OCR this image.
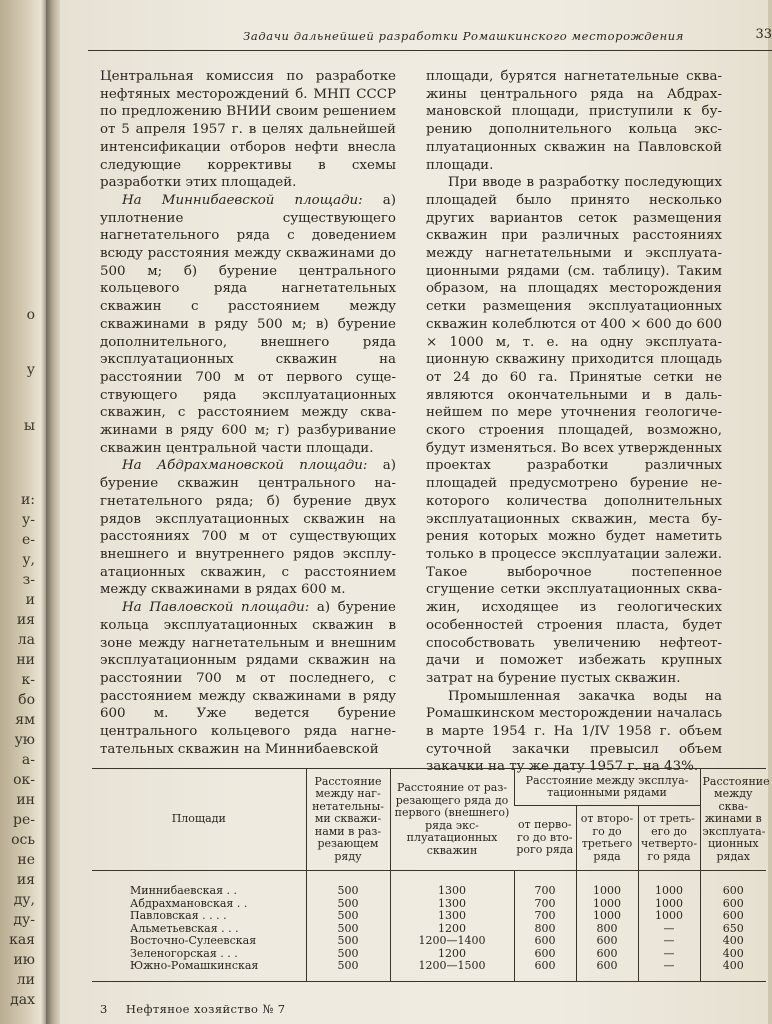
о
у
ы
и:
у-
е-
у,
з-
и
ия
ла
ни
к-
бо
ям
ую
а-
ок-
ин
ре-
ось
не
ия
ду,
ду-
кая
ию
ли
дах
Задачи дальнейшей разработки Ромашкинского месторождения	33

Центральная комиссия по разработке нефтяных месторождений б. МНП СССР по предложению ВНИИ своим решением от 5 апреля 1957 г. в целях дальнейшей интенсификации отборов нефти внесла следующие коррективы в схемы разработки этих площадей.

На Миннибаевской площади: а) уплотнение существующего нагнетательного ряда с доведением всюду расстояния между скважинами до 500 м; б) бурение центрального кольцевого ряда нагнетательных скважин с расстоянием между скважинами в ряду 500 м; в) бурение дополнительного, внешнего ряда эксплуатационных скважин на расстоянии 700 м от первого существующего ряда эксплуатационных скважин, с расстоянием между скважинами в ряду 600 м; г) разбуривание скважин центральной части площади.

На Абдрахмановской площади: а) бурение скважин центрального нагнетательного ряда; б) бурение двух рядов эксплуатационных скважин на расстояниях 700 м от существующих внешнего и внутреннего рядов эксплуатационных скважин, с расстоянием между скважинами в рядах 600 м.

На Павловской площади: а) бурение кольца эксплуатационных скважин в зоне между нагнетательным и внешним эксплуатационным рядами скважин на расстоянии 700 м от последнего, с расстоянием между скважинами в ряду 600 м. Уже ведется бурение центрального кольцевого ряда нагнетательных скважин на Миннибаевской

площади, бурятся нагнетательные скважины центрального ряда на Абдрахмановской площади, приступили к бурению дополнительного кольца эксплуатационных скважин на Павловской площади.

При вводе в разработку последующих площадей было принято несколько других вариантов сеток размещения скважин при различных расстояниях между нагнетательными и эксплуатационными рядами (см. таблицу). Таким образом, на площадях месторождения сетки размещения эксплуатационных скважин колеблются от 400 × 600 до 600 × 1000 м, т. е. на одну эксплуатационную скважину приходится площадь от 24 до 60 га. Принятые сетки не являются окончательными и в дальнейшем по мере уточнения геологического строения площадей, возможно, будут изменяться. Во всех утвержденных проектах разработки различных площадей предусмотрено бурение некоторого количества дополнительных эксплуатационных скважин, места бурения которых можно будет наметить только в процессе эксплуатации залежи. Такое выборочное постепенное сгущение сетки эксплуатационных скважин, исходящее из геологических особенностей строения пласта, будет способствовать увеличению нефтеотдачи и поможет избежать крупных затрат на бурение пустых скважин.

Промышленная закачка воды на Ромашкинском месторождении началась в марте 1954 г. На 1/IV 1958 г. объем суточной закачки превысил объем закачки на ту же дату 1957 г. на 43%.

Площади	Расстояние между нагнетательными скважинами в разрезающем ряду	Расстояние от разрезающего ряда до первого (внешнего) ряда эксплуатационных скважин	Расстояние между эксплуатационными рядами			Расстояние между скважинами в эксплуатационных рядах
			от первого до второго ряда	от второго до третьего ряда	от третьего до четвертого ряда	
Миннибаевская . .	500	1300	700	1000	1000	600
Абдрахмановская . .	500	1300	700	1000	1000	600
Павловская . . . .	500	1300	700	1000	1000	600
Альметьевская . . .	500	1200	800	800	—	650
Восточно-Сулеевская	500	1200—1400	600	600	—	400
Зеленогорская . . .	500	1200	600	600	—	400
Южно-Ромашкинская	500	1200—1500	600	600	—	400
3 Нефтяное хозяйство № 7
